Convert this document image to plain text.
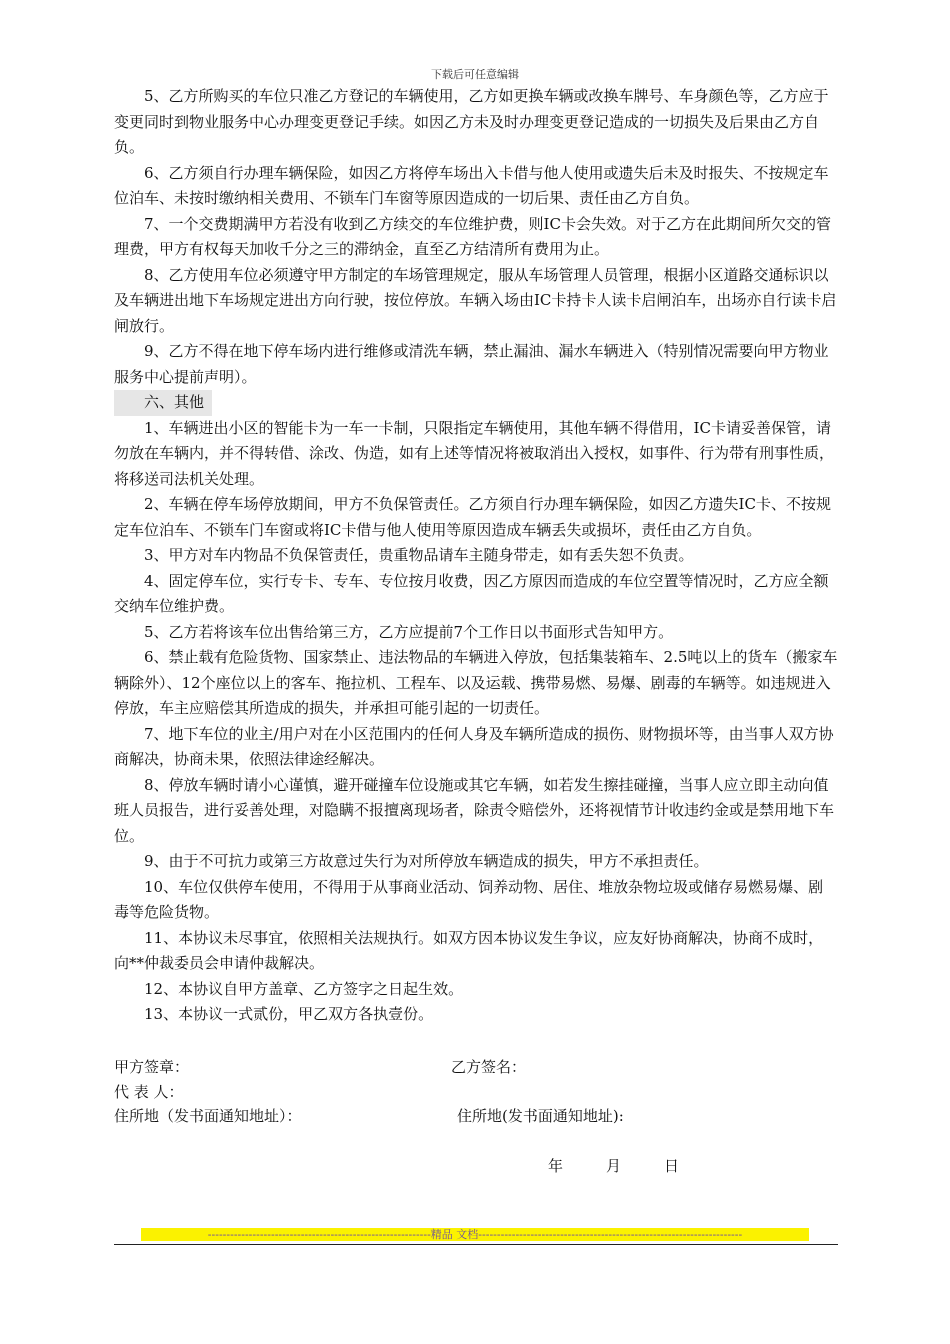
下载后可任意编辑

5、乙方所购买的车位只准乙方登记的车辆使用，乙方如更换车辆或改换车牌号、车身颜色等，乙方应于变更同时到物业服务中心办理变更登记手续。如因乙方未及时办理变更登记造成的一切损失及后果由乙方自负。

6、乙方须自行办理车辆保险，如因乙方将停车场出入卡借与他人使用或遗失后未及时报失、不按规定车位泊车、未按时缴纳相关费用、不锁车门车窗等原因造成的一切后果、责任由乙方自负。

7、一个交费期满甲方若没有收到乙方续交的车位维护费，则IC卡会失效。对于乙方在此期间所欠交的管理费，甲方有权每天加收千分之三的滞纳金，直至乙方结清所有费用为止。

8、乙方使用车位必须遵守甲方制定的车场管理规定，服从车场管理人员管理，根据小区道路交通标识以及车辆进出地下车场规定进出方向行驶，按位停放。车辆入场由IC卡持卡人读卡启闸泊车，出场亦自行读卡启闸放行。

9、乙方不得在地下停车场内进行维修或清洗车辆，禁止漏油、漏水车辆进入（特别情况需要向甲方物业服务中心提前声明）。

六、其他

1、车辆进出小区的智能卡为一车一卡制，只限指定车辆使用，其他车辆不得借用，IC卡请妥善保管，请勿放在车辆内，并不得转借、涂改、伪造，如有上述等情况将被取消出入授权，如事件、行为带有刑事性质，将移送司法机关处理。

2、车辆在停车场停放期间，甲方不负保管责任。乙方须自行办理车辆保险，如因乙方遗失IC卡、不按规定车位泊车、不锁车门车窗或将IC卡借与他人使用等原因造成车辆丢失或损坏，责任由乙方自负。

3、甲方对车内物品不负保管责任，贵重物品请车主随身带走，如有丢失恕不负责。

4、固定停车位，实行专卡、专车、专位按月收费，因乙方原因而造成的车位空置等情况时，乙方应全额交纳车位维护费。

5、乙方若将该车位出售给第三方，乙方应提前7个工作日以书面形式告知甲方。

6、禁止载有危险货物、国家禁止、违法物品的车辆进入停放，包括集装箱车、2.5吨以上的货车（搬家车辆除外）、12个座位以上的客车、拖拉机、工程车、以及运载、携带易燃、易爆、剧毒的车辆等。如违规进入停放，车主应赔偿其所造成的损失，并承担可能引起的一切责任。

7、地下车位的业主/用户对在小区范围内的任何人身及车辆所造成的损伤、财物损坏等，由当事人双方协商解决，协商未果，依照法律途经解决。

8、停放车辆时请小心谨慎，避开碰撞车位设施或其它车辆，如若发生擦挂碰撞，当事人应立即主动向值班人员报告，进行妥善处理，对隐瞒不报擅离现场者，除责令赔偿外，还将视情节计收违约金或是禁用地下车位。

9、由于不可抗力或第三方故意过失行为对所停放车辆造成的损失，甲方不承担责任。

10、车位仅供停车使用，不得用于从事商业活动、饲养动物、居住、堆放杂物垃圾或储存易燃易爆、剧毒等危险货物。

11、本协议未尽事宜，依照相关法规执行。如双方因本协议发生争议，应友好协商解决，协商不成时，向**仲裁委员会申请仲裁解决。

12、本协议自甲方盖章、乙方签字之日起生效。

13、本协议一式贰份，甲乙双方各执壹份。

甲方签章：
代 表 人：
住所地（发书面通知地址）：
乙方签名：
住所地(发书面通知地址):
年	月	日
------------------------------------------------------------精品 文档-----------------------------------------------------------------------
